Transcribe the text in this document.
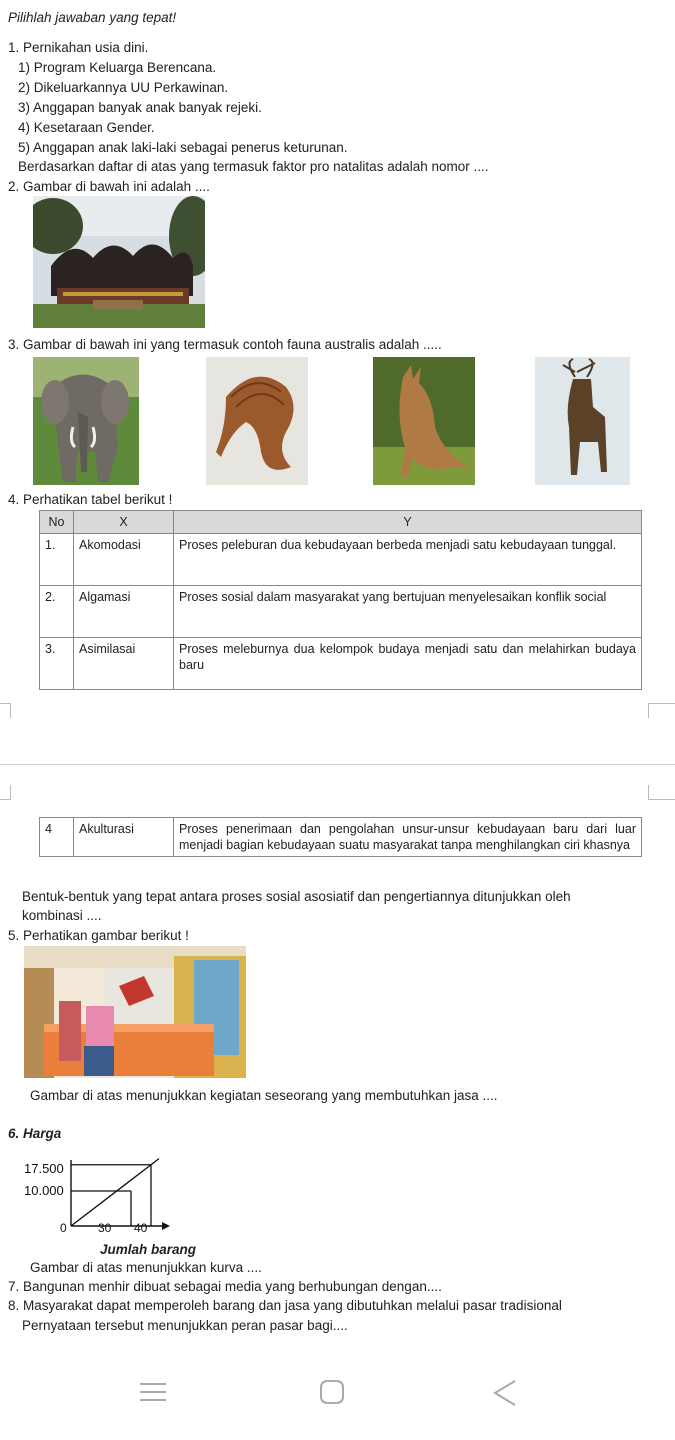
Pilihlah jawaban yang tepat!
1. Pernikahan usia dini.
1) Program Keluarga Berencana.
2) Dikeluarkannya UU Perkawinan.
3) Anggapan banyak anak banyak rejeki.
4) Kesetaraan Gender.
5) Anggapan anak laki-laki sebagai penerus keturunan.
Berdasarkan daftar di atas yang termasuk faktor pro natalitas adalah nomor ....
2. Gambar di bawah ini adalah ....
3. Gambar di bawah ini yang termasuk contoh fauna australis adalah .....
4. Perhatikan tabel berikut !
No	X	Y
1.	Akomodasi	Proses peleburan dua kebudayaan berbeda menjadi satu kebudayaan tunggal.
2.	Algamasi	Proses sosial dalam masyarakat yang bertujuan menyelesaikan konflik social
3.	Asimilasai	Proses meleburnya dua kelompok budaya menjadi satu dan melahirkan budaya baru
4	Akulturasi	Proses penerimaan dan pengolahan unsur-unsur kebudayaan baru dari luar menjadi bagian kebudayaan suatu masyarakat tanpa menghilangkan ciri khasnya
Bentuk-bentuk yang tepat antara proses sosial asosiatif dan pengertiannya ditunjukkan oleh
kombinasi ....
5. Perhatikan gambar berikut !
Gambar di atas menunjukkan kegiatan seseorang yang membutuhkan jasa ....
6. Harga
17.500
10.000
0	30 40
Jumlah barang
Gambar di atas menunjukkan kurva ....
7. Bangunan menhir dibuat sebagai media yang berhubungan dengan....
8. Masyarakat dapat memperoleh barang dan jasa yang dibutuhkan melalui pasar tradisional
Pernyataan tersebut menunjukkan peran pasar bagi....
